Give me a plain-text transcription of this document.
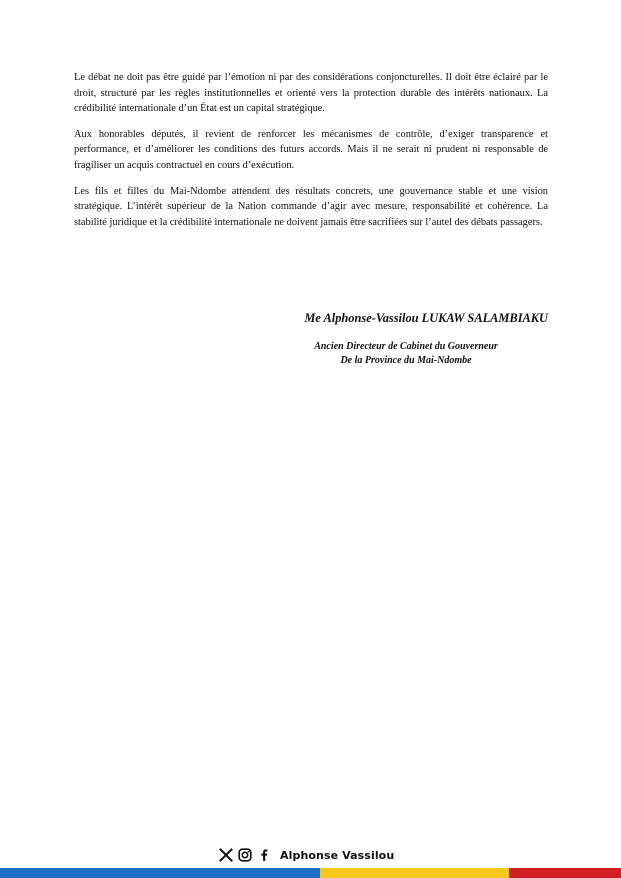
Le débat ne doit pas être guidé par l’émotion ni par des considérations conjoncturelles. Il doit être éclairé par le droit, structuré par les règles institutionnelles et orienté vers la protection durable des intérêts nationaux. La crédibilité internationale d’un État est un capital stratégique.

Aux honorables députés, il revient de renforcer les mécanismes de contrôle, d’exiger transparence et performance, et d’améliorer les conditions des futurs accords. Mais il ne serait ni prudent ni responsable de fragiliser un acquis contractuel en cours d’exécution.

Les fils et filles du Mai-Ndombe attendent des résultats concrets, une gouvernance stable et une vision stratégique. L’intérêt supérieur de la Nation commande d’agir avec mesure, responsabilité et cohérence. La stabilité juridique et la crédibilité internationale ne doivent jamais être sacrifiées sur l’autel des débats passagers.

Me Alphonse-Vassilou LUKAW SALAMBIAKU

Ancien Directeur de Cabinet du Gouverneur
De la Province du Mai-Ndombe
Alphonse Vassilou
